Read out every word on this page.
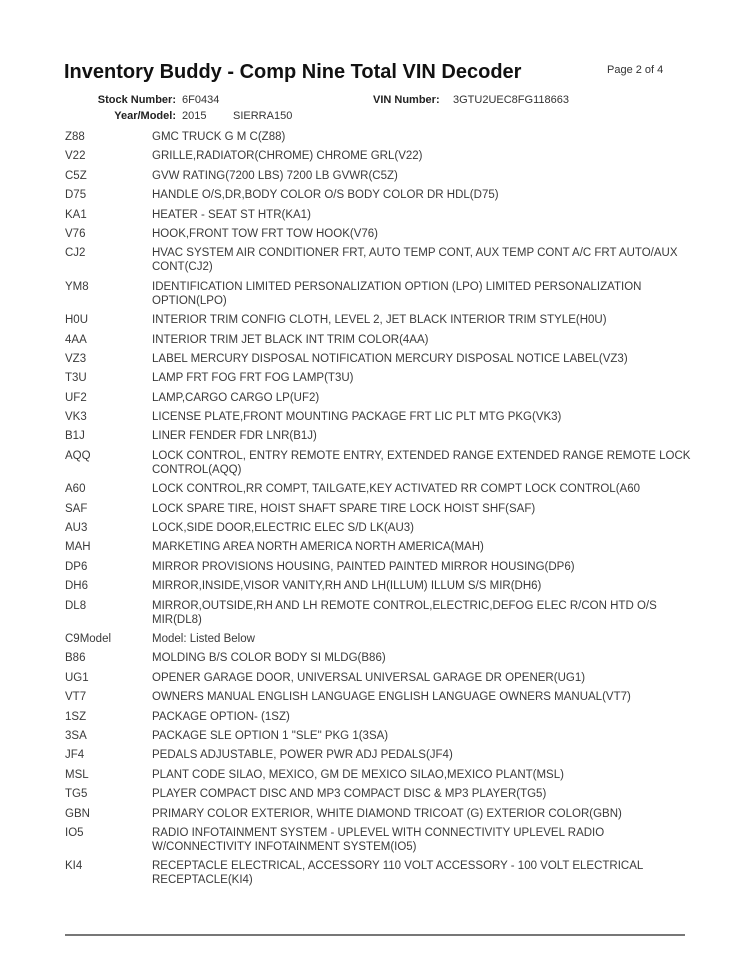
Inventory Buddy - Comp Nine Total VIN Decoder	Page 2 of 4
Stock Number: 6F0434	VIN Number: 3GTU2UEC8FG118663
Year/Model: 2015 SIERRA150
Z88	GMC TRUCK G M C(Z88)
V22	GRILLE,RADIATOR(CHROME) CHROME GRL(V22)
C5Z	GVW RATING(7200 LBS) 7200 LB GVWR(C5Z)
D75	HANDLE O/S,DR,BODY COLOR O/S BODY COLOR DR HDL(D75)
KA1	HEATER - SEAT ST HTR(KA1)
V76	HOOK,FRONT TOW FRT TOW HOOK(V76)
CJ2	HVAC SYSTEM AIR CONDITIONER FRT, AUTO TEMP CONT, AUX TEMP CONT A/C FRT AUTO/AUX CONT(CJ2)
YM8	IDENTIFICATION LIMITED PERSONALIZATION OPTION (LPO) LIMITED PERSONALIZATION OPTION(LPO)
H0U	INTERIOR TRIM CONFIG CLOTH, LEVEL 2, JET BLACK INTERIOR TRIM STYLE(H0U)
4AA	INTERIOR TRIM JET BLACK INT TRIM COLOR(4AA)
VZ3	LABEL MERCURY DISPOSAL NOTIFICATION MERCURY DISPOSAL NOTICE LABEL(VZ3)
T3U	LAMP FRT FOG FRT FOG LAMP(T3U)
UF2	LAMP,CARGO CARGO LP(UF2)
VK3	LICENSE PLATE,FRONT MOUNTING PACKAGE FRT LIC PLT MTG PKG(VK3)
B1J	LINER FENDER FDR LNR(B1J)
AQQ	LOCK CONTROL, ENTRY REMOTE ENTRY, EXTENDED RANGE EXTENDED RANGE REMOTE LOCK CONTROL(AQQ)
A60	LOCK CONTROL,RR COMPT, TAILGATE,KEY ACTIVATED RR COMPT LOCK CONTROL(A60
SAF	LOCK SPARE TIRE, HOIST SHAFT SPARE TIRE LOCK HOIST SHF(SAF)
AU3	LOCK,SIDE DOOR,ELECTRIC ELEC S/D LK(AU3)
MAH	MARKETING AREA NORTH AMERICA NORTH AMERICA(MAH)
DP6	MIRROR PROVISIONS HOUSING, PAINTED PAINTED MIRROR HOUSING(DP6)
DH6	MIRROR,INSIDE,VISOR VANITY,RH AND LH(ILLUM) ILLUM S/S MIR(DH6)
DL8	MIRROR,OUTSIDE,RH AND LH REMOTE CONTROL,ELECTRIC,DEFOG ELEC R/CON HTD O/S MIR(DL8)
C9Model	Model: Listed Below
B86	MOLDING B/S COLOR BODY SI MLDG(B86)
UG1	OPENER GARAGE DOOR, UNIVERSAL UNIVERSAL GARAGE DR OPENER(UG1)
VT7	OWNERS MANUAL ENGLISH LANGUAGE ENGLISH LANGUAGE OWNERS MANUAL(VT7)
1SZ	PACKAGE OPTION- (1SZ)
3SA	PACKAGE SLE OPTION 1 "SLE" PKG 1(3SA)
JF4	PEDALS ADJUSTABLE, POWER PWR ADJ PEDALS(JF4)
MSL	PLANT CODE SILAO, MEXICO, GM DE MEXICO SILAO,MEXICO PLANT(MSL)
TG5	PLAYER COMPACT DISC AND MP3 COMPACT DISC & MP3 PLAYER(TG5)
GBN	PRIMARY COLOR EXTERIOR, WHITE DIAMOND TRICOAT (G) EXTERIOR COLOR(GBN)
IO5	RADIO INFOTAINMENT SYSTEM - UPLEVEL WITH CONNECTIVITY UPLEVEL RADIO W/CONNECTIVITY INFOTAINMENT SYSTEM(IO5)
KI4	RECEPTACLE ELECTRICAL, ACCESSORY 110 VOLT ACCESSORY - 100 VOLT ELECTRICAL RECEPTACLE(KI4)
